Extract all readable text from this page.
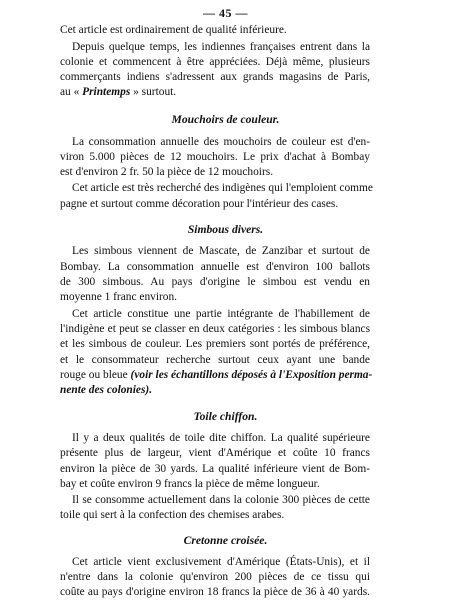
— 45 —
Cet article est ordinairement de qualité inférieure.
Depuis quelque temps, les indiennes françaises entrent dans la
colonie et commencent à être appréciées. Déjà même, plusieurs
commerçants indiens s'adressent aux grands magasins de Paris,
au « Printemps » surtout.
Mouchoirs de couleur.
La consommation annuelle des mouchoirs de couleur est d'en-
viron 5.000 pièces de 12 mouchoirs. Le prix d'achat à Bombay
est d'environ 2 fr. 50 la pièce de 12 mouchoirs.
Cet article est très recherché des indigènes qui l'emploient comme
pagne et surtout comme décoration pour l'intérieur des cases.
Simbous divers.
Les simbous viennent de Mascate, de Zanzibar et surtout de
Bombay. La consommation annuelle est d'environ 100 ballots
de 300 simbous. Au pays d'origine le simbou est vendu en
moyenne 1 franc environ.
Cet article constitue une partie intégrante de l'habillement de
l'indigène et peut se classer en deux catégories : les simbous blancs
et les simbous de couleur. Les premiers sont portés de préférence,
et le consommateur recherche surtout ceux ayant une bande
rouge ou bleue (voir les échantillons déposés à l'Exposition perma-
nente des colonies).
Toile chiffon.
Il y a deux qualités de toile dite chiffon. La qualité supérieure
présente plus de largeur, vient d'Amérique et coûte 10 francs
environ la pièce de 30 yards. La qualité inférieure vient de Bom-
bay et coûte environ 9 francs la pièce de même longueur.
Il se consomme actuellement dans la colonie 300 pièces de cette
toile qui sert à la confection des chemises arabes.
Cretonne croisée.
Cet article vient exclusivement d'Amérique (États-Unis), et il
n'entre dans la colonie qu'environ 200 pièces de ce tissu qui
coûte au pays d'origine environ 18 francs la pièce de 36 à 40 yards.
